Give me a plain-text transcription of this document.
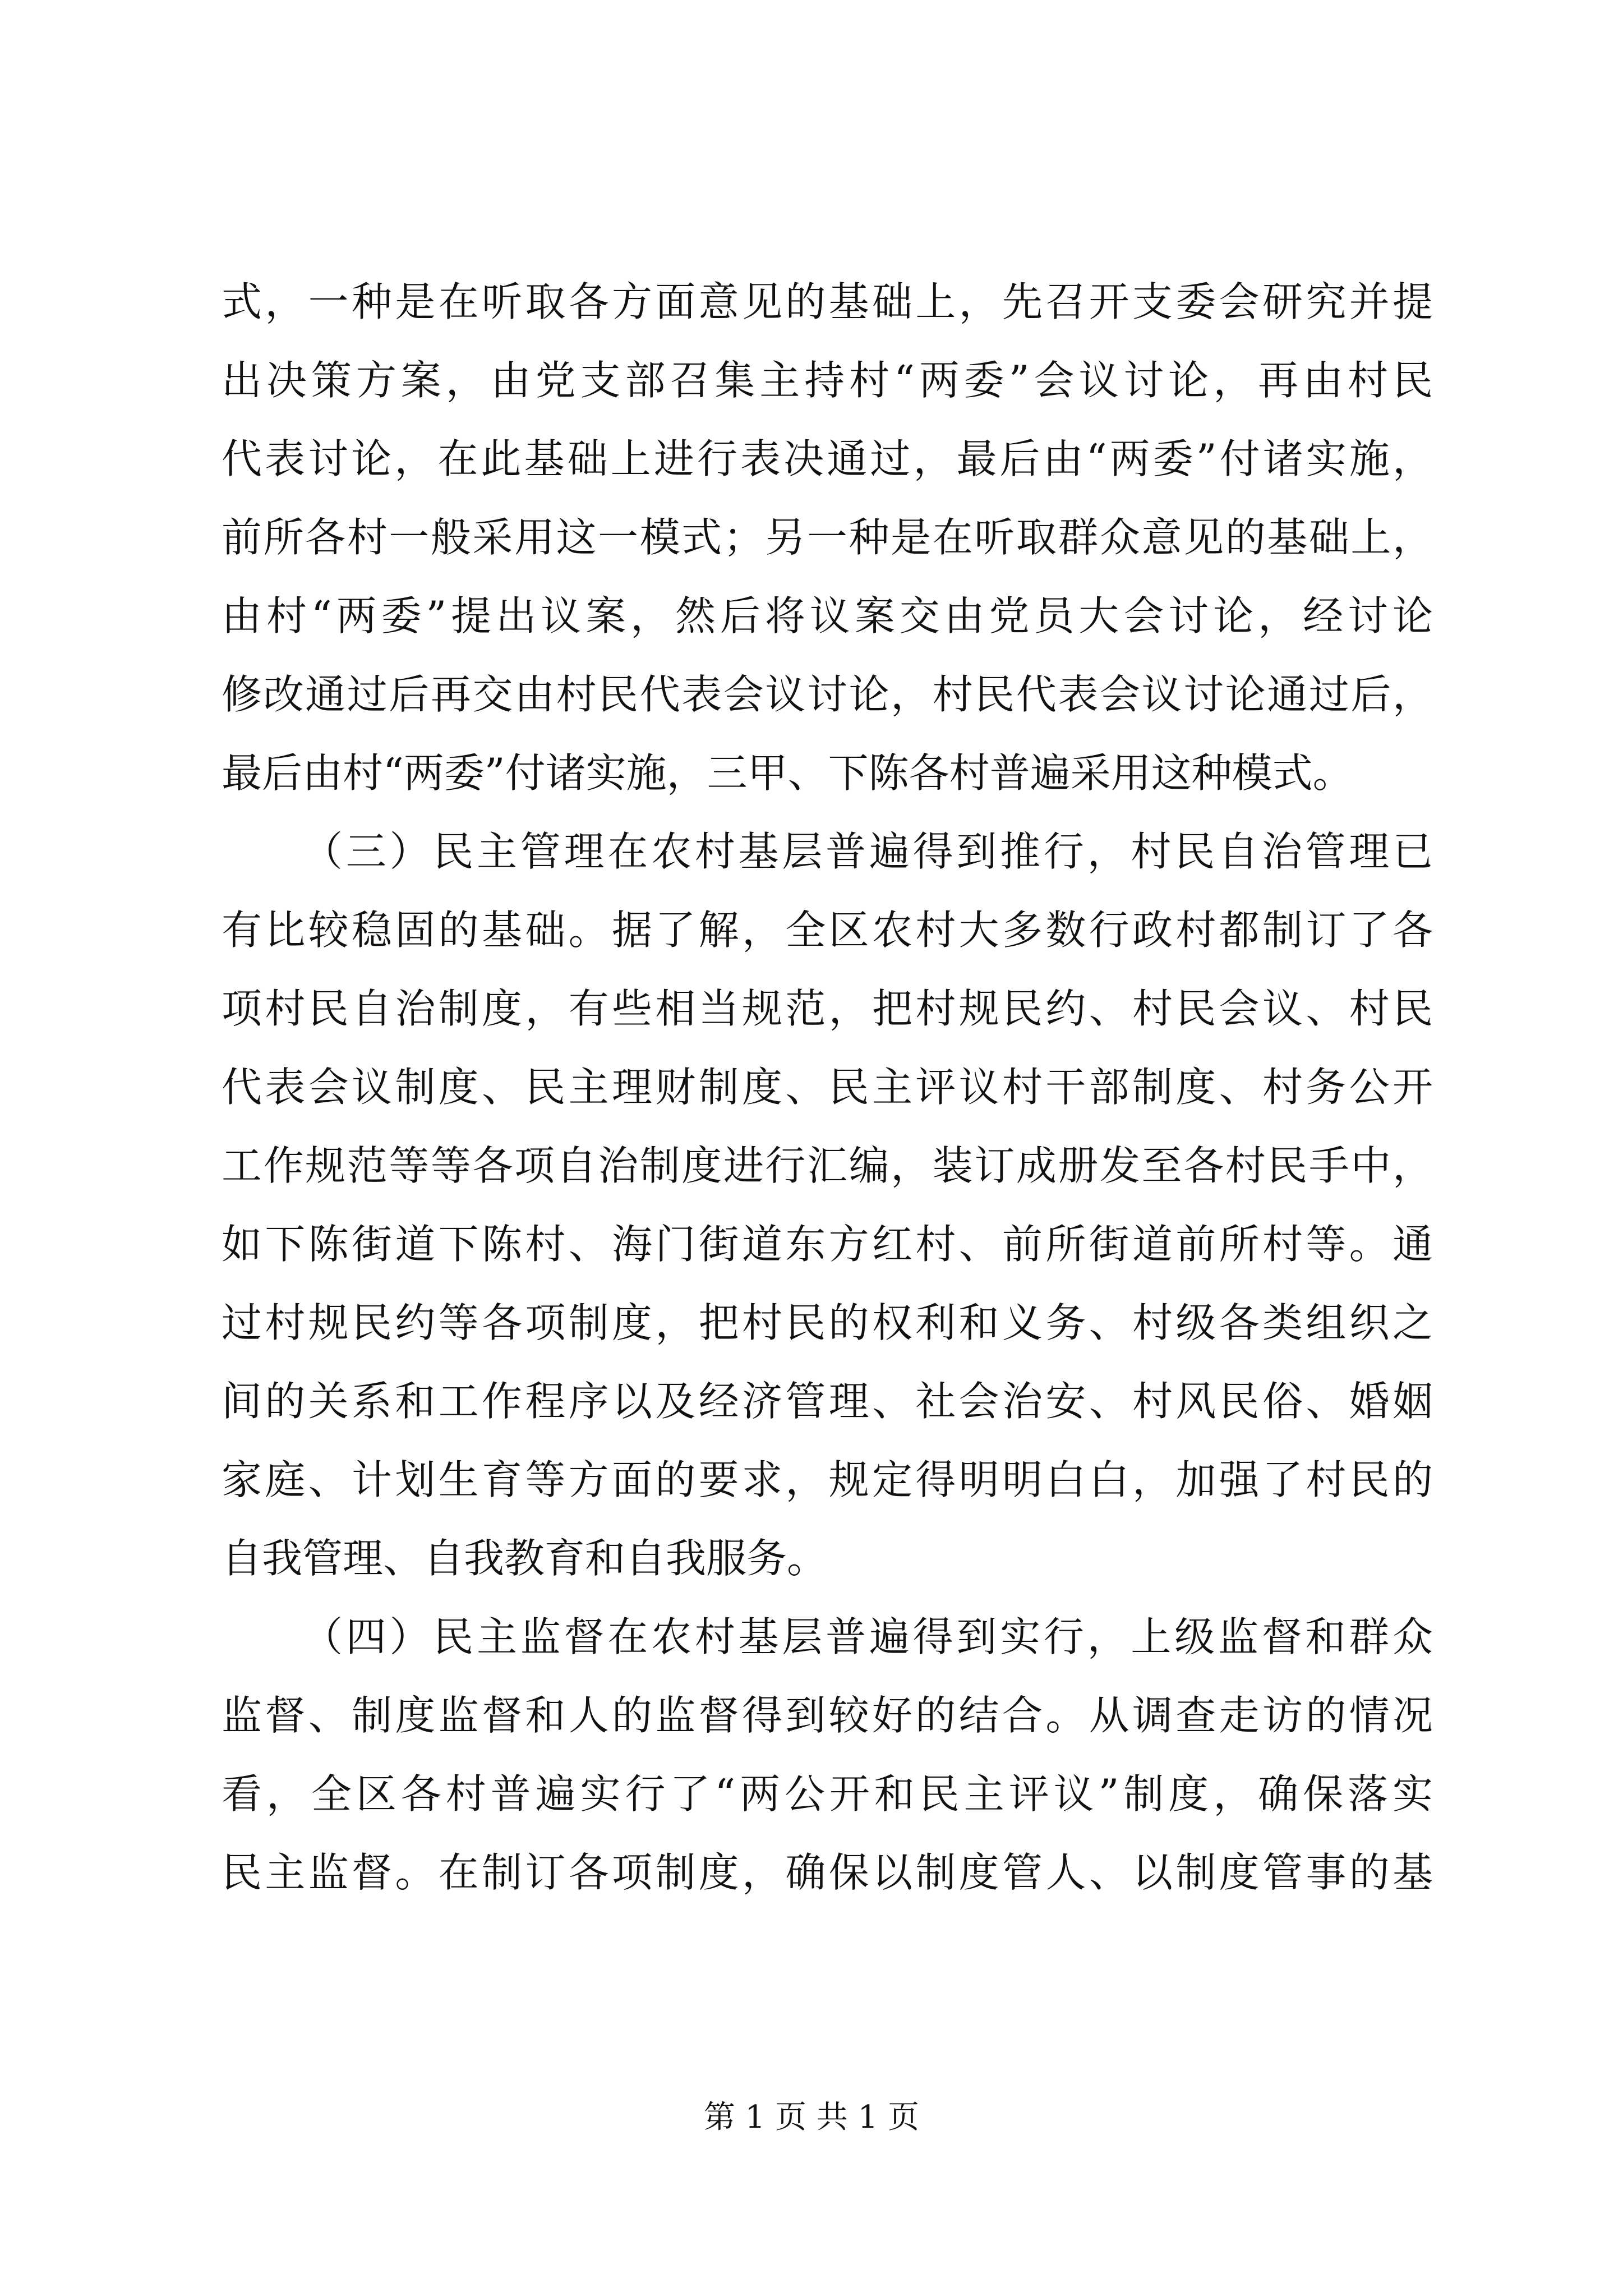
式，一种是在听取各方面意见的基础上，先召开支委会研究并提
出决策方案，由党支部召集主持村“两委”会议讨论，再由村民
代表讨论，在此基础上进行表决通过，最后由“两委”付诸实施，
前所各村一般采用这一模式；另一种是在听取群众意见的基础上，
由村“两委”提出议案，然后将议案交由党员大会讨论，经讨论
修改通过后再交由村民代表会议讨论，村民代表会议讨论通过后，
最后由村“两委”付诸实施，三甲、下陈各村普遍采用这种模式。
（三）民主管理在农村基层普遍得到推行，村民自治管理已
有比较稳固的基础。据了解，全区农村大多数行政村都制订了各
项村民自治制度，有些相当规范，把村规民约、村民会议、村民
代表会议制度、民主理财制度、民主评议村干部制度、村务公开
工作规范等等各项自治制度进行汇编，装订成册发至各村民手中，
如下陈街道下陈村、海门街道东方红村、前所街道前所村等。通
过村规民约等各项制度，把村民的权利和义务、村级各类组织之
间的关系和工作程序以及经济管理、社会治安、村风民俗、婚姻
家庭、计划生育等方面的要求，规定得明明白白，加强了村民的
自我管理、自我教育和自我服务。
（四）民主监督在农村基层普遍得到实行，上级监督和群众
监督、制度监督和人的监督得到较好的结合。从调查走访的情况
看，全区各村普遍实行了“两公开和民主评议”制度，确保落实
民主监督。在制订各项制度，确保以制度管人、以制度管事的基
第 1 页 共 1 页
